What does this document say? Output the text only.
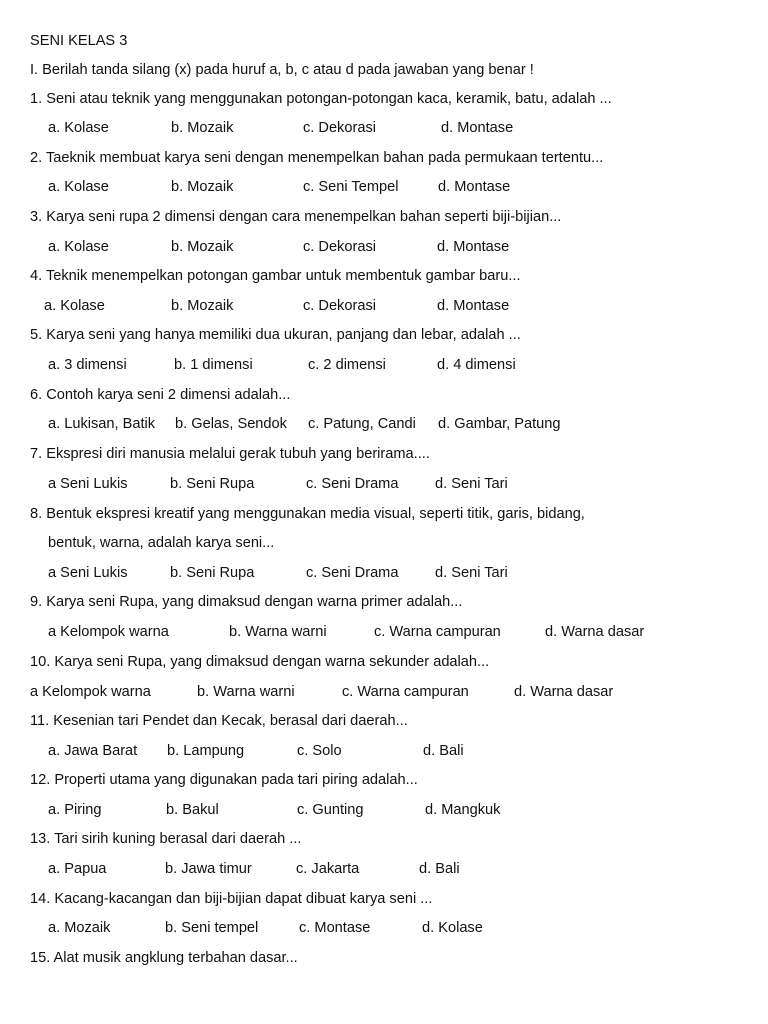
SENI KELAS 3
I. Berilah tanda silang (x) pada huruf a, b, c atau d pada jawaban yang benar !
1. Seni atau teknik yang menggunakan potongan-potongan kaca, keramik, batu, adalah ...
a. Kolase	b. Mozaik	c. Dekorasi	d. Montase
2. Taeknik membuat karya seni dengan menempelkan bahan pada permukaan tertentu...
a. Kolase	b. Mozaik	c. Seni Tempel	d. Montase
3. Karya seni rupa 2 dimensi dengan cara menempelkan bahan seperti biji-bijian...
a. Kolase	b. Mozaik	c. Dekorasi	d. Montase
4. Teknik menempelkan potongan gambar untuk membentuk gambar baru...
a. Kolase	b. Mozaik	c. Dekorasi	d. Montase
5. Karya seni yang hanya memiliki dua ukuran, panjang dan lebar, adalah ...
a. 3 dimensi	b. 1 dimensi	c. 2 dimensi	d. 4 dimensi
6. Contoh karya seni 2 dimensi adalah...
a. Lukisan, Batik b. Gelas, Sendok c. Patung, Candi d. Gambar, Patung
7. Ekspresi diri manusia melalui gerak tubuh yang berirama....
a Seni Lukis	b. Seni Rupa	c. Seni Drama	d. Seni Tari
8. Bentuk ekspresi kreatif yang menggunakan media visual, seperti titik, garis, bidang,
bentuk, warna, adalah karya seni...
a Seni Lukis	b. Seni Rupa	c. Seni Drama	d. Seni Tari
9. Karya seni Rupa, yang dimaksud dengan warna primer adalah...
a Kelompok warna	b. Warna warni	c. Warna campuran	d. Warna dasar
10. Karya seni Rupa, yang dimaksud dengan warna sekunder adalah...
a Kelompok warna	b. Warna warni	c. Warna campuran	d. Warna dasar
11. Kesenian tari Pendet dan Kecak, berasal dari daerah...
a. Jawa Barat b. Lampung	c. Solo	d. Bali
12. Properti utama yang digunakan pada tari piring adalah...
a. Piring	b. Bakul	c. Gunting	d. Mangkuk
13. Tari sirih kuning berasal dari daerah ...
a. Papua	b. Jawa timur	c. Jakarta	d. Bali
14. Kacang-kacangan dan biji-bijian dapat dibuat karya seni ...
a. Mozaik	b. Seni tempel	c. Montase	d. Kolase
15. Alat musik angklung terbahan dasar...
